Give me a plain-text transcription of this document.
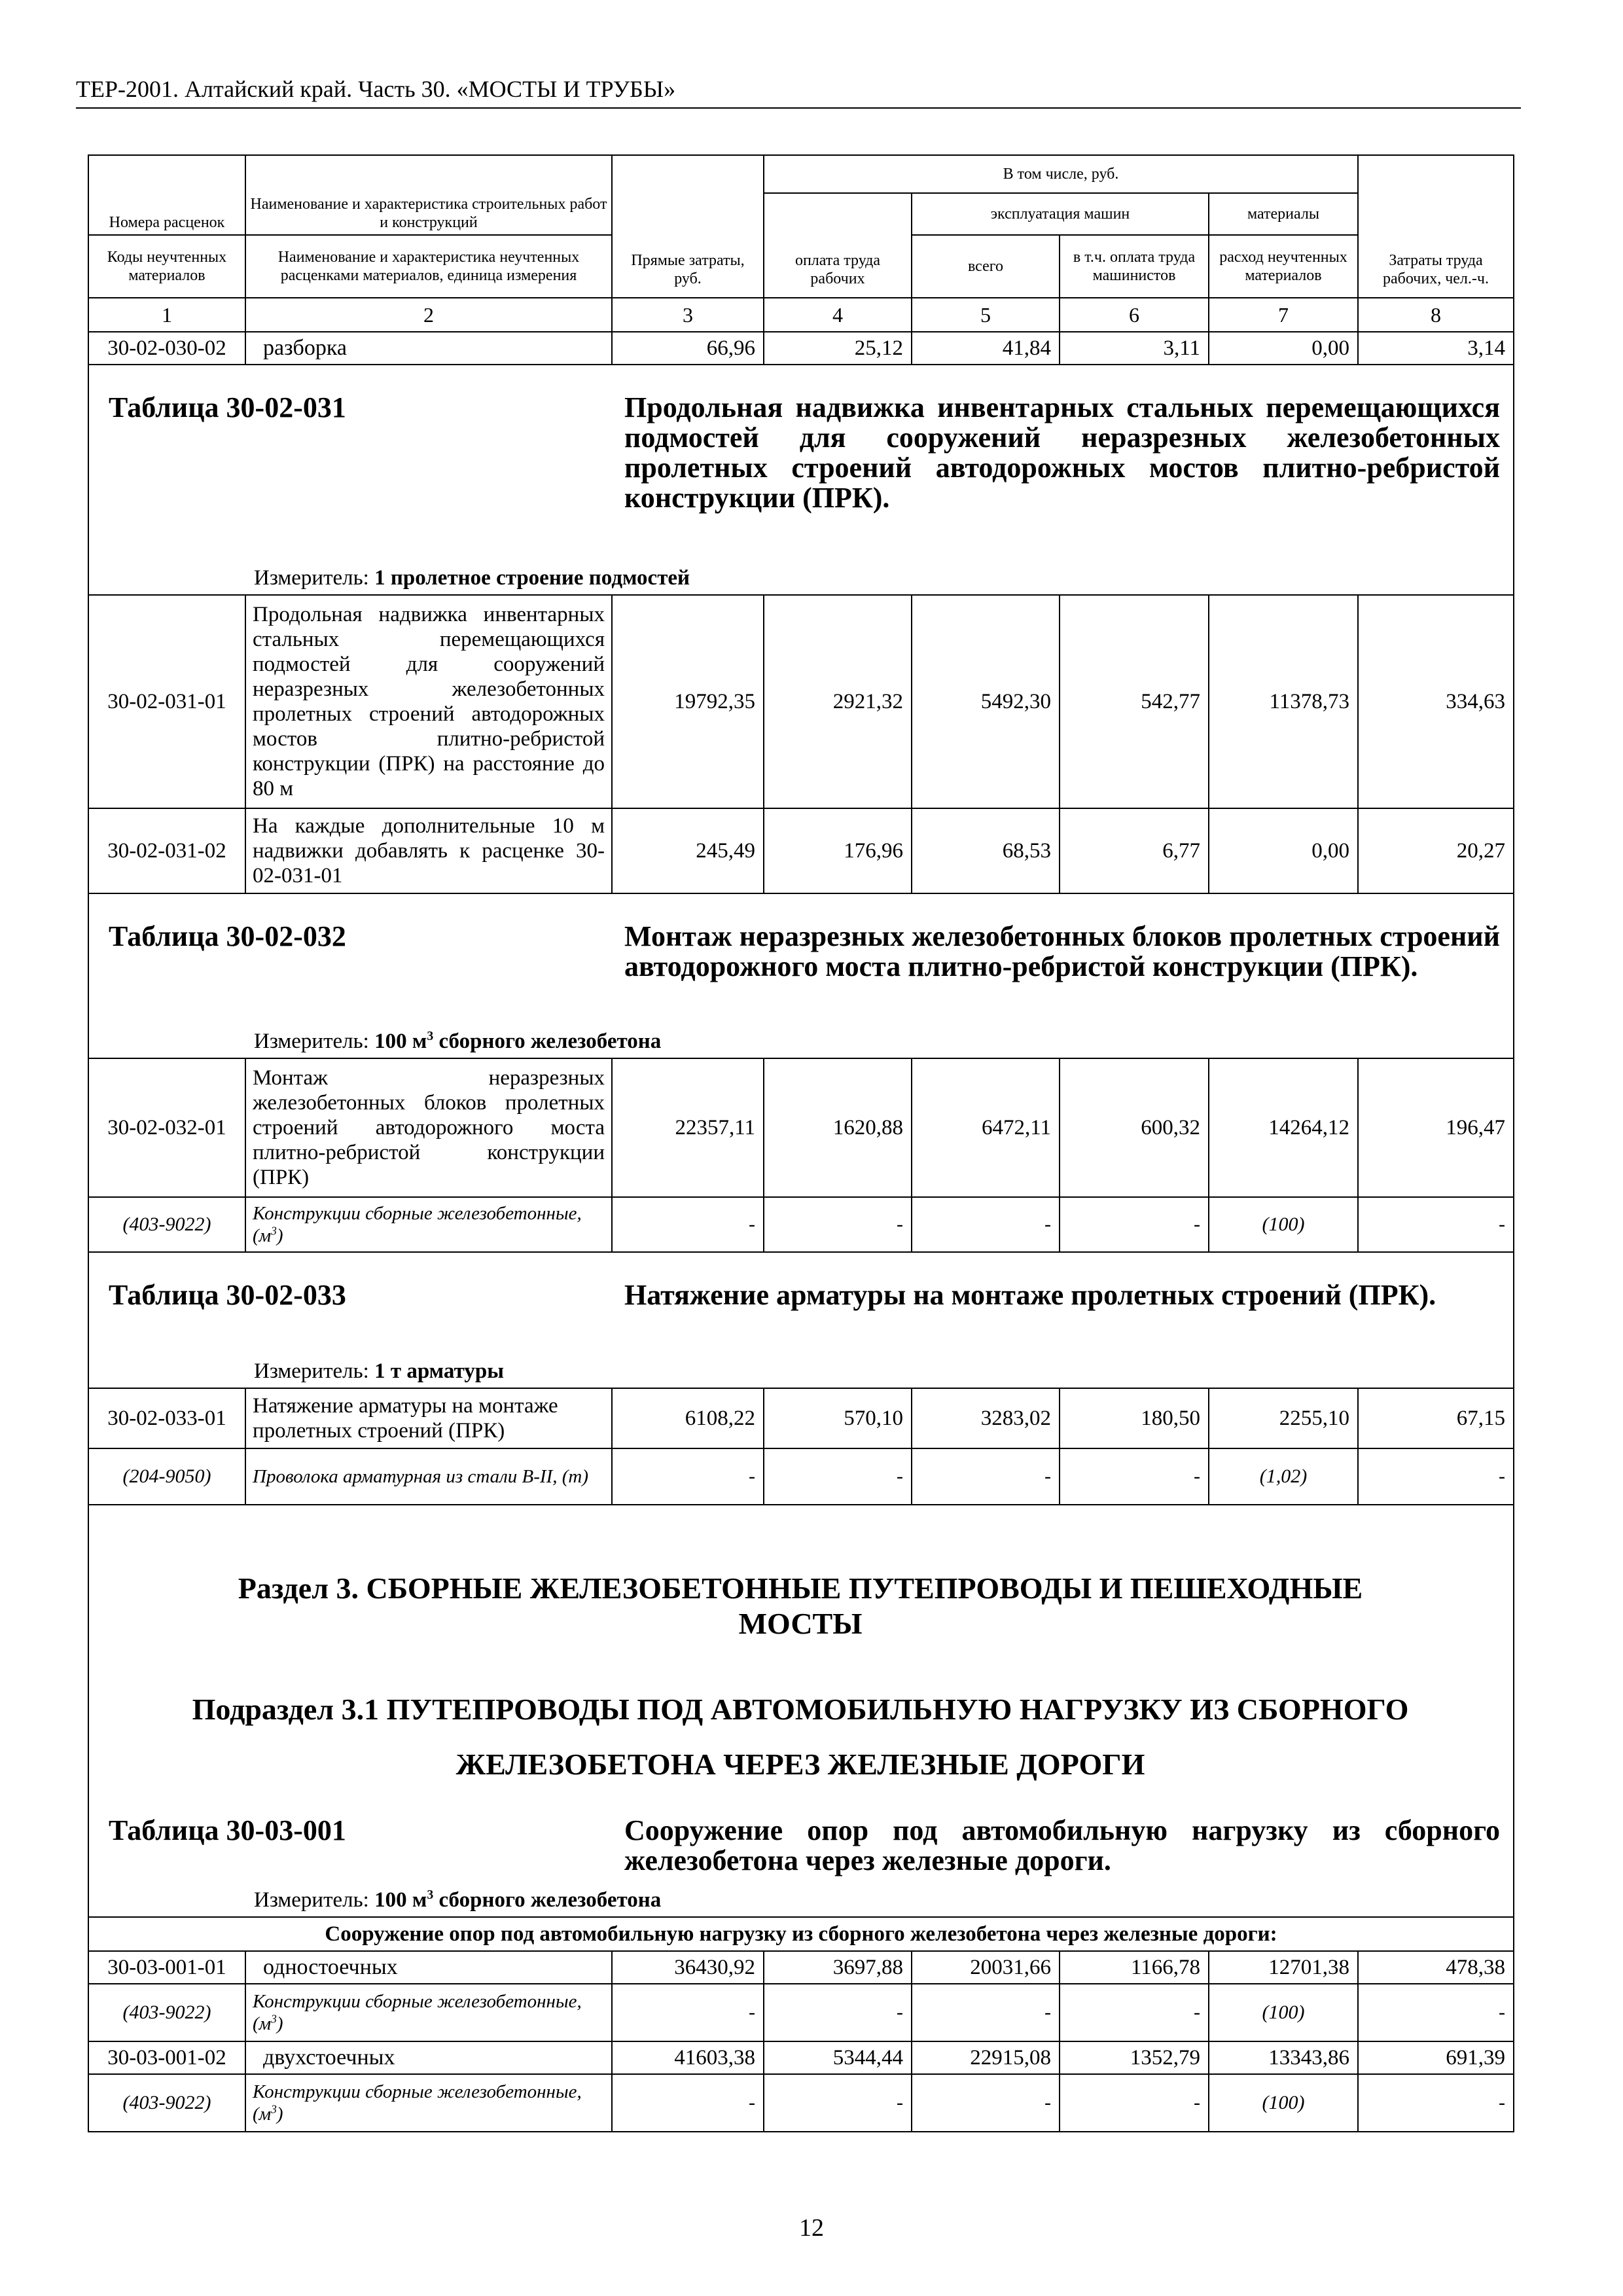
ТЕР-2001. Алтайский край. Часть 30. «МОСТЫ И ТРУБЫ»
Номера расценок	Наименование и характеристика строительных работ и конструкций	Прямые затраты, руб.	В том числе, руб.				Затраты труда рабочих, чел.-ч.
			оплата труда рабочих	эксплуатация машин		материалы	
Коды неучтенных материалов	Наименование и характеристика неучтенных расценками материалов, единица измерения			всего	в т.ч. оплата труда машинистов	расход неучтенных материалов	
1	2	3	4	5	6	7	8
30-02-030-02	разборка	66,96	25,12	41,84	3,11	0,00	3,14

Таблица 30-02-031 Продольная надвижка инвентарных стальных перемещающихся подмостей для сооружений неразрезных железобетонных пролетных строений автодорожных мостов плитно-ребристой конструкции (ПРК).
Измеритель: 1 пролетное строение подмостей							

30-02-031-01	Продольная надвижка инвентарных стальных перемещающихся подмостей для сооружений неразрезных железобетонных пролетных строений автодорожных мостов плитно-ребристой конструкции (ПРК) на расстояние до 80 м	19792,35	2921,32	5492,30	542,77	11378,73	334,63
30-02-031-02	На каждые дополнительные 10 м надвижки добавлять к расценке 30-02-031-01	245,49	176,96	68,53	6,77	0,00	20,27

Таблица 30-02-032 Монтаж неразрезных железобетонных блоков пролетных строений автодорожного моста плитно-ребристой конструкции (ПРК).
Измеритель: 100 $м^3$ сборного железобетона							

30-02-032-01	Монтаж неразрезных железобетонных блоков пролетных строений автодорожного моста плитно-ребристой конструкции (ПРК)	22357,11	1620,88	6472,11	600,32	14264,12	196,47
(403-9022)	Конструкции сборные железобетонные, $(м^3)$	-	-	-	-	(100)	-

Таблица 30-02-033 Натяжение арматуры на монтаже пролетных строений (ПРК).
Измеритель: 1 т арматуры							

30-02-033-01	Натяжение арматуры на монтаже пролетных строений (ПРК)	6108,22	570,10	3283,02	180,50	2255,10	67,15
(204-9050)	Проволока арматурная из стали В-II, (т)	-	-	-	-	(1,02)	-

Раздел 3. СБОРНЫЕ ЖЕЛЕЗОБЕТОННЫЕ ПУТЕПРОВОДЫ И ПЕШЕХОДНЫЕ МОСТЫ
Подраздел 3.1 ПУТЕПРОВОДЫ ПОД АВТОМОБИЛЬНУЮ НАГРУЗКУ ИЗ СБОРНОГО ЖЕЛЕЗОБЕТОНА ЧЕРЕЗ ЖЕЛЕЗНЫЕ ДОРОГИ
Таблица 30-03-001 Сооружение опор под автомобильную нагрузку из сборного железобетона через железные дороги.
Измеритель: 100 $м^3$ сборного железобетона							

Сооружение опор под автомобильную нагрузку из сборного железобетона через железные дороги:							
30-03-001-01	одностоечных	36430,92	3697,88	20031,66	1166,78	12701,38	478,38
(403-9022)	Конструкции сборные железобетонные, $(м^3)$	-	-	-	-	(100)	-
30-03-001-02	двухстоечных	41603,38	5344,44	22915,08	1352,79	13343,86	691,39
(403-9022)	Конструкции сборные железобетонные, $(м^3)$	-	-	-	-	(100)	-
12
